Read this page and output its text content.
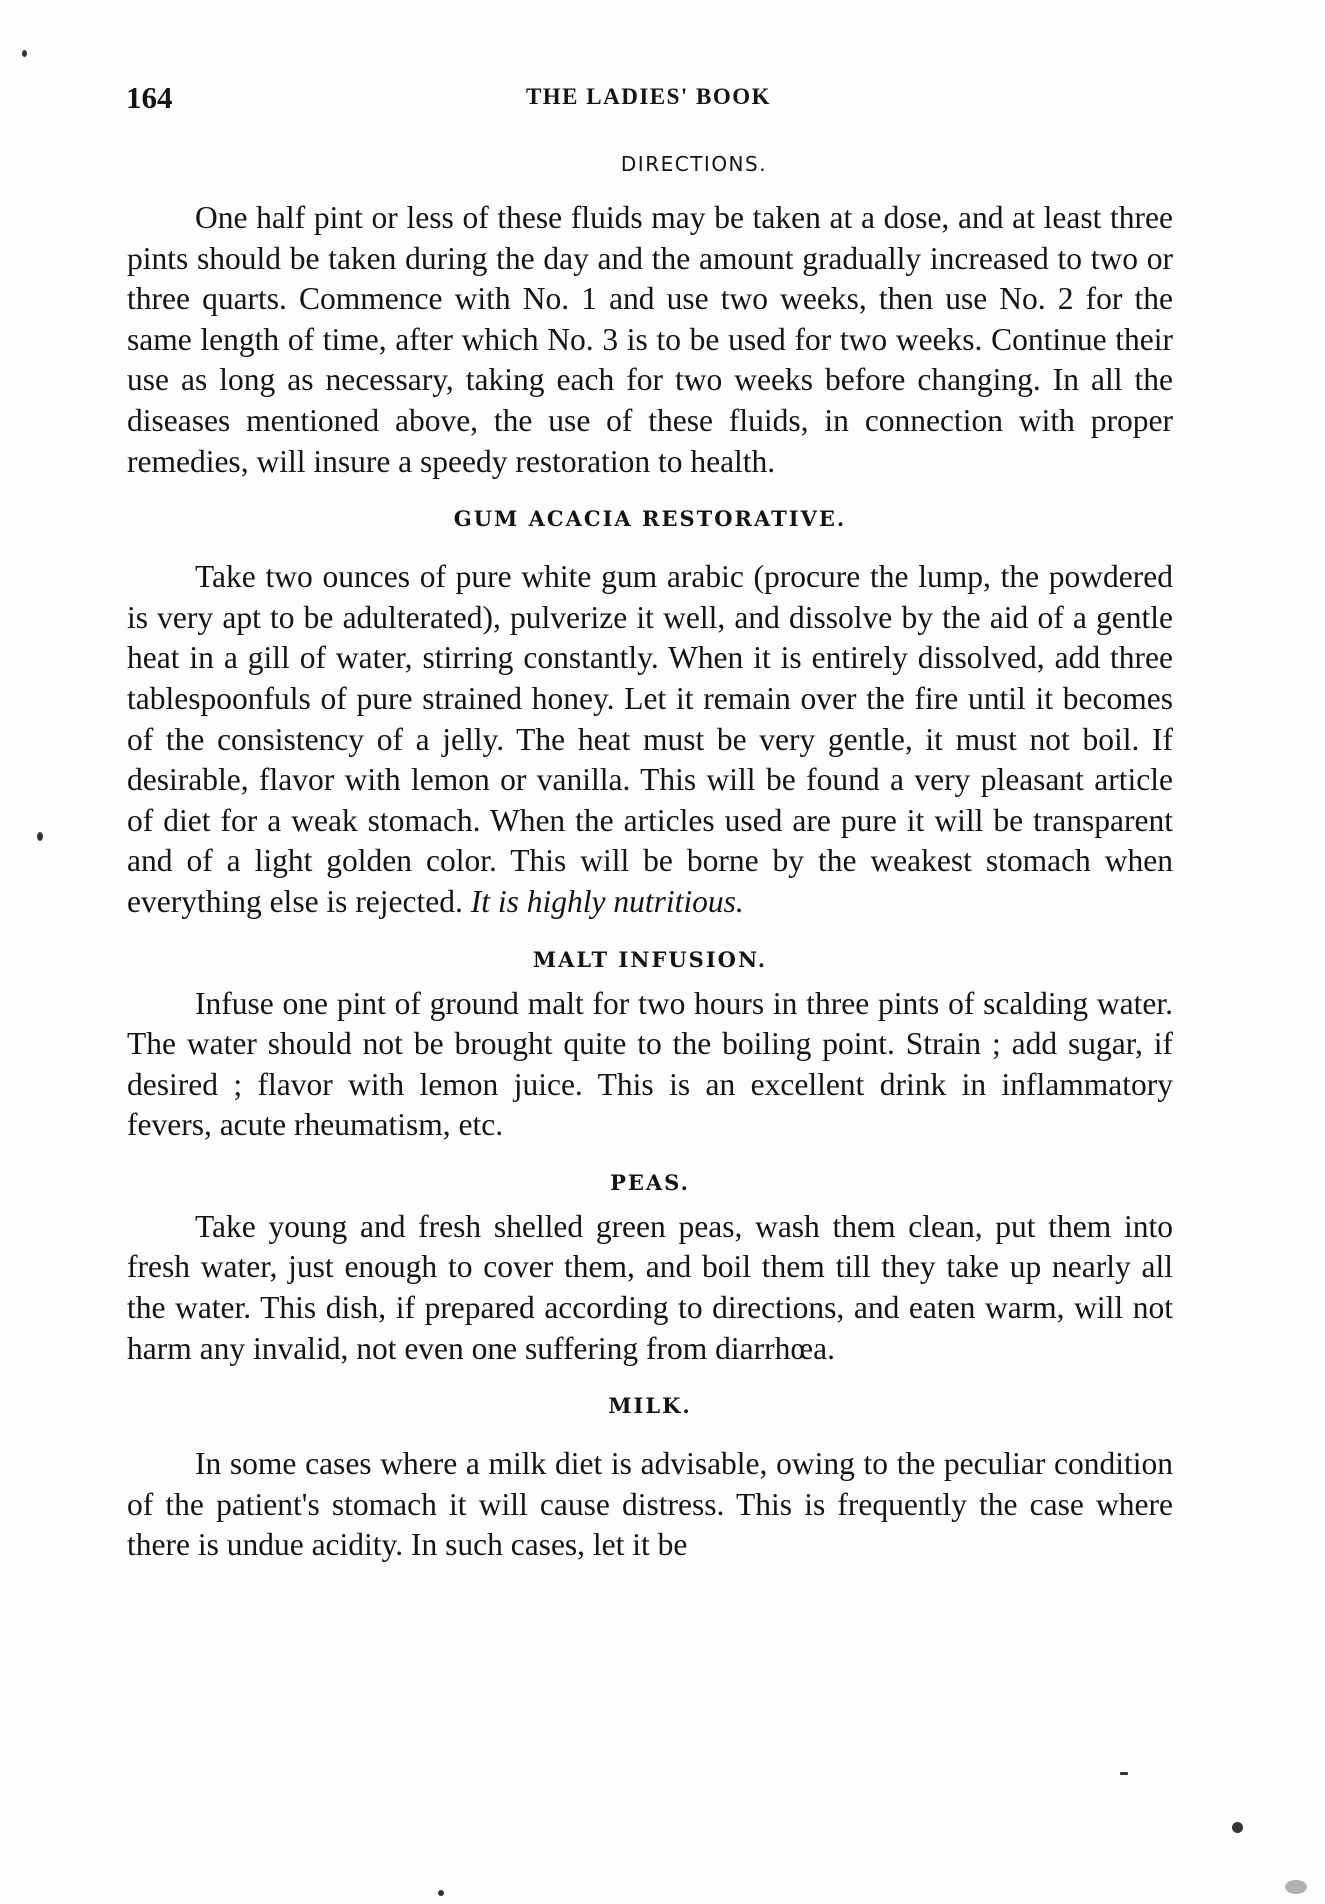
164	THE LADIES' BOOK
DIRECTIONS.

One half pint or less of these fluids may be taken at a dose, and at least three pints should be taken during the day and the amount gradually increased to two or three quarts. Commence with No. 1 and use two weeks, then use No. 2 for the same length of time, after which No. 3 is to be used for two weeks. Continue their use as long as necessary, taking each for two weeks before changing. In all the diseases mentioned above, the use of these fluids, in connection with proper remedies, will insure a speedy restoration to health.

GUM ACACIA RESTORATIVE.

Take two ounces of pure white gum arabic (procure the lump, the powdered is very apt to be adulterated), pulverize it well, and dissolve by the aid of a gentle heat in a gill of water, stirring constantly. When it is entirely dissolved, add three tablespoonfuls of pure strained honey. Let it remain over the fire until it becomes of the consistency of a jelly. The heat must be very gentle, it must not boil. If desirable, flavor with lemon or vanilla. This will be found a very pleasant article of diet for a weak stomach. When the articles used are pure it will be transparent and of a light golden color. This will be borne by the weakest stomach when everything else is rejected. It is highly nutritious.

MALT INFUSION.

Infuse one pint of ground malt for two hours in three pints of scalding water. The water should not be brought quite to the boiling point. Strain ; add sugar, if desired ; flavor with lemon juice. This is an excellent drink in inflammatory fevers, acute rheumatism, etc.

PEAS.

Take young and fresh shelled green peas, wash them clean, put them into fresh water, just enough to cover them, and boil them till they take up nearly all the water. This dish, if prepared according to directions, and eaten warm, will not harm any invalid, not even one suffering from diarrhœa.

MILK.

In some cases where a milk diet is advisable, owing to the peculiar condition of the patient's stomach it will cause distress. This is frequently the case where there is undue acidity. In such cases, let it be
